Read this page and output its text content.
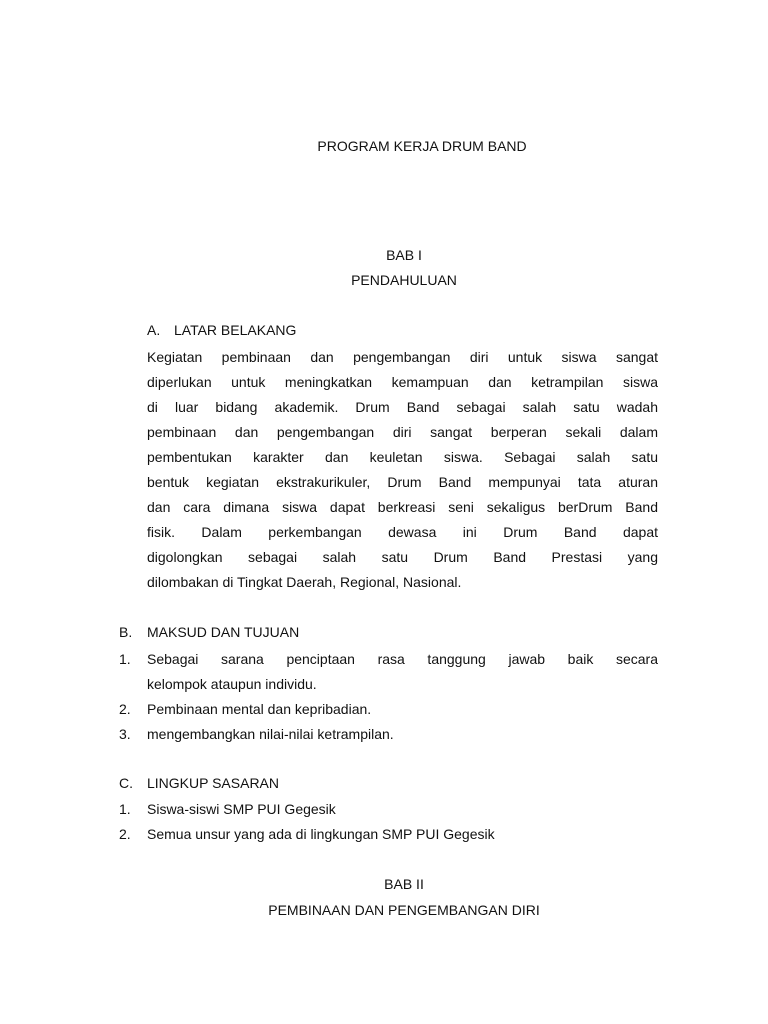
PROGRAM KERJA DRUM BAND
BAB I
PENDAHULUAN
A. LATAR BELAKANG
Kegiatan pembinaan dan pengembangan diri untuk siswa sangat
diperlukan untuk meningkatkan kemampuan dan ketrampilan siswa
di luar bidang akademik. Drum Band sebagai salah satu wadah
pembinaan dan pengembangan diri sangat berperan sekali dalam
pembentukan karakter dan keuletan siswa. Sebagai salah satu
bentuk kegiatan ekstrakurikuler, Drum Band mempunyai tata aturan
dan cara dimana siswa dapat berkreasi seni sekaligus berDrum Band
fisik. Dalam perkembangan dewasa ini Drum Band dapat
digolongkan sebagai salah satu Drum Band Prestasi yang
dilombakan di Tingkat Daerah, Regional, Nasional.
B. MAKSUD DAN TUJUAN
1.	Sebagai sarana penciptaan rasa tanggung jawab baik secara
kelompok ataupun individu.
2.	Pembinaan mental dan kepribadian.
3.	mengembangkan nilai-nilai ketrampilan.
C. LINGKUP SASARAN
1.	Siswa-siswi SMP PUI Gegesik
2.	Semua unsur yang ada di lingkungan SMP PUI Gegesik
BAB II
PEMBINAAN DAN PENGEMBANGAN DIRI
